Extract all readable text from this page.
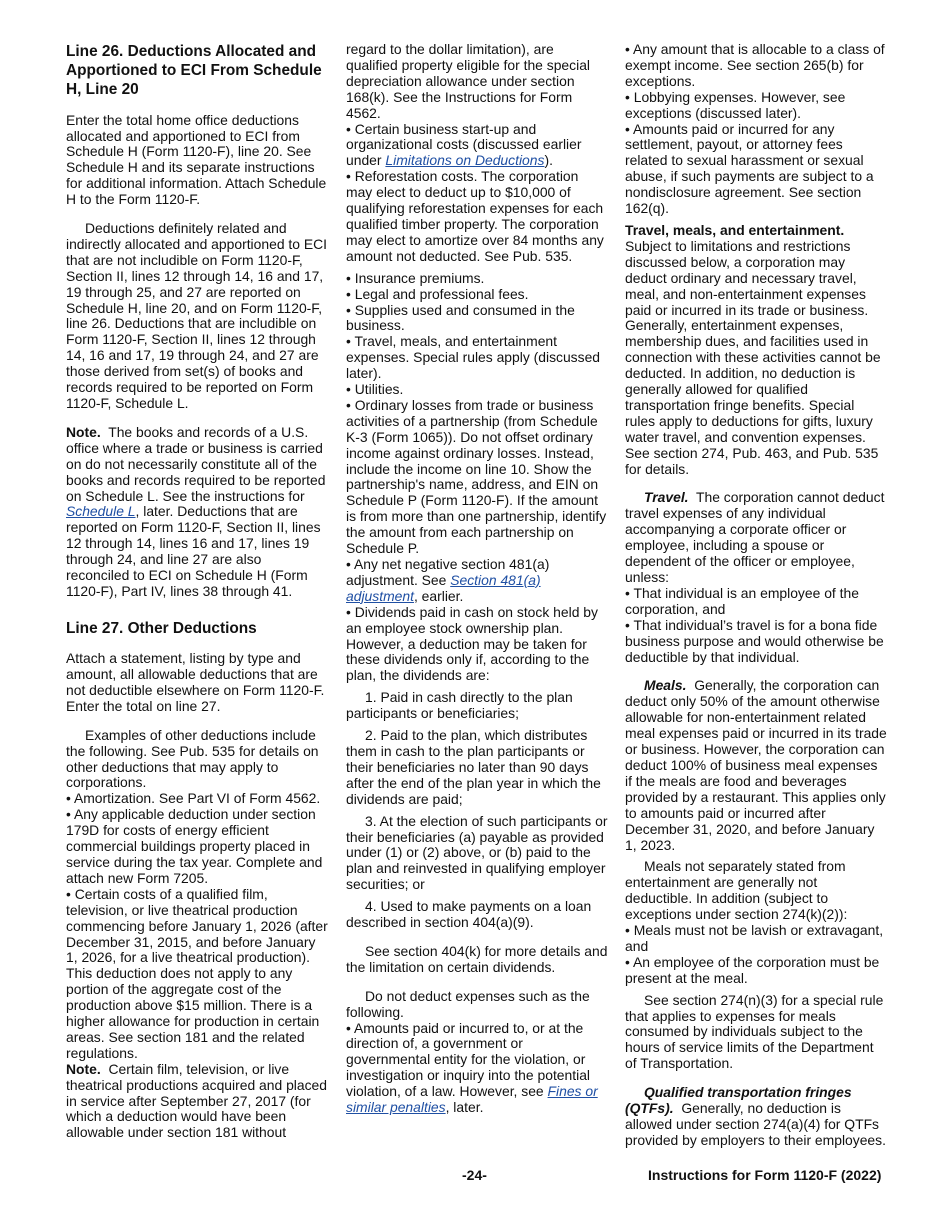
Line 26. Deductions Allocated and Apportioned to ECI From Schedule H, Line 20

Enter the total home office deductions allocated and apportioned to ECI from Schedule H (Form 1120-F), line 20. See Schedule H and its separate instructions for additional information. Attach Schedule H to the Form 1120-F.

Deductions definitely related and indirectly allocated and apportioned to ECI that are not includible on Form 1120-F, Section II, lines 12 through 14, 16 and 17, 19 through 25, and 27 are reported on Schedule H, line 20, and on Form 1120-F, line 26. Deductions that are includible on Form 1120-F, Section II, lines 12 through 14, 16 and 17, 19 through 24, and 27 are those derived from set(s) of books and records required to be reported on Form 1120-F, Schedule L.

Note. The books and records of a U.S. office where a trade or business is carried on do not necessarily constitute all of the books and records required to be reported on Schedule L. See the instructions for
Schedule L, later. Deductions that are reported on Form 1120-F, Section II, lines 12 through 14, lines 16 and 17, lines 19 through 24, and line 27 are also reconciled to ECI on Schedule H (Form 1120-F), Part IV, lines 38 through 41.

Line 27. Other Deductions

Attach a statement, listing by type and amount, all allowable deductions that are not deductible elsewhere on Form 1120-F. Enter the total on line 27.

Examples of other deductions include the following. See Pub. 535 for details on other deductions that may apply to corporations.

• Amortization. See Part VI of Form 4562.

• Any applicable deduction under section 179D for costs of energy efficient commercial buildings property placed in service during the tax year. Complete and attach new Form 7205.

• Certain costs of a qualified film, television, or live theatrical production commencing before January 1, 2026 (after December 31, 2015, and before January 1, 2026, for a live theatrical production). This deduction does not apply to any portion of the aggregate cost of the production above $15 million. There is a higher allowance for production in certain areas. See section 181 and the related regulations.

Note. Certain film, television, or live theatrical productions acquired and placed in service after September 27, 2017 (for which a deduction would have been allowable under section 181 without

regard to the dollar limitation), are qualified property eligible for the special depreciation allowance under section 168(k). See the Instructions for Form 4562.

• Certain business start-up and organizational costs (discussed earlier under Limitations on Deductions).

• Reforestation costs. The corporation may elect to deduct up to $10,000 of qualifying reforestation expenses for each qualified timber property. The corporation may elect to amortize over 84 months any amount not deducted. See Pub. 535.

• Insurance premiums.

• Legal and professional fees.

• Supplies used and consumed in the business.

• Travel, meals, and entertainment expenses. Special rules apply (discussed later).

• Utilities.

• Ordinary losses from trade or business activities of a partnership (from Schedule K-3 (Form 1065)). Do not offset ordinary income against ordinary losses. Instead, include the income on line 10. Show the partnership's name, address, and EIN on Schedule P (Form 1120-F). If the amount is from more than one partnership, identify the amount from each partnership on Schedule P.

• Any net negative section 481(a) adjustment. See Section 481(a) adjustment, earlier.

• Dividends paid in cash on stock held by an employee stock ownership plan. However, a deduction may be taken for these dividends only if, according to the plan, the dividends are:

1. Paid in cash directly to the plan participants or beneficiaries;

2. Paid to the plan, which distributes them in cash to the plan participants or their beneficiaries no later than 90 days after the end of the plan year in which the dividends are paid;

3. At the election of such participants or their beneficiaries (a) payable as provided under (1) or (2) above, or (b) paid to the plan and reinvested in qualifying employer securities; or

4. Used to make payments on a loan described in section 404(a)(9).

See section 404(k) for more details and the limitation on certain dividends.

Do not deduct expenses such as the following.

• Amounts paid or incurred to, or at the direction of, a government or governmental entity for the violation, or investigation or inquiry into the potential violation, of a law. However, see Fines or similar penalties, later.

• Any amount that is allocable to a class of exempt income. See section 265(b) for exceptions.

• Lobbying expenses. However, see exceptions (discussed later).

• Amounts paid or incurred for any settlement, payout, or attorney fees related to sexual harassment or sexual abuse, if such payments are subject to a nondisclosure agreement. See section 162(q).

Travel, meals, and entertainment.
Subject to limitations and restrictions discussed below, a corporation may deduct ordinary and necessary travel, meal, and non-entertainment expenses paid or incurred in its trade or business. Generally, entertainment expenses, membership dues, and facilities used in connection with these activities cannot be deducted. In addition, no deduction is generally allowed for qualified transportation fringe benefits. Special rules apply to deductions for gifts, luxury water travel, and convention expenses. See section 274, Pub. 463, and Pub. 535 for details.

Travel. The corporation cannot deduct travel expenses of any individual accompanying a corporate officer or employee, including a spouse or dependent of the officer or employee, unless:

• That individual is an employee of the corporation, and

• That individual’s travel is for a bona fide business purpose and would otherwise be deductible by that individual.

Meals. Generally, the corporation can deduct only 50% of the amount otherwise allowable for non-entertainment related meal expenses paid or incurred in its trade or business. However, the corporation can deduct 100% of business meal expenses if the meals are food and beverages provided by a restaurant. This applies only to amounts paid or incurred after December 31, 2020, and before January 1, 2023.

Meals not separately stated from entertainment are generally not deductible. In addition (subject to exceptions under section 274(k)(2)):

• Meals must not be lavish or extravagant, and

• An employee of the corporation must be present at the meal.

See section 274(n)(3) for a special rule that applies to expenses for meals consumed by individuals subject to the hours of service limits of the Department of Transportation.

Qualified transportation fringes (QTFs). Generally, no deduction is allowed under section 274(a)(4) for QTFs provided by employers to their employees.

-24-	Instructions for Form 1120-F (2022)
